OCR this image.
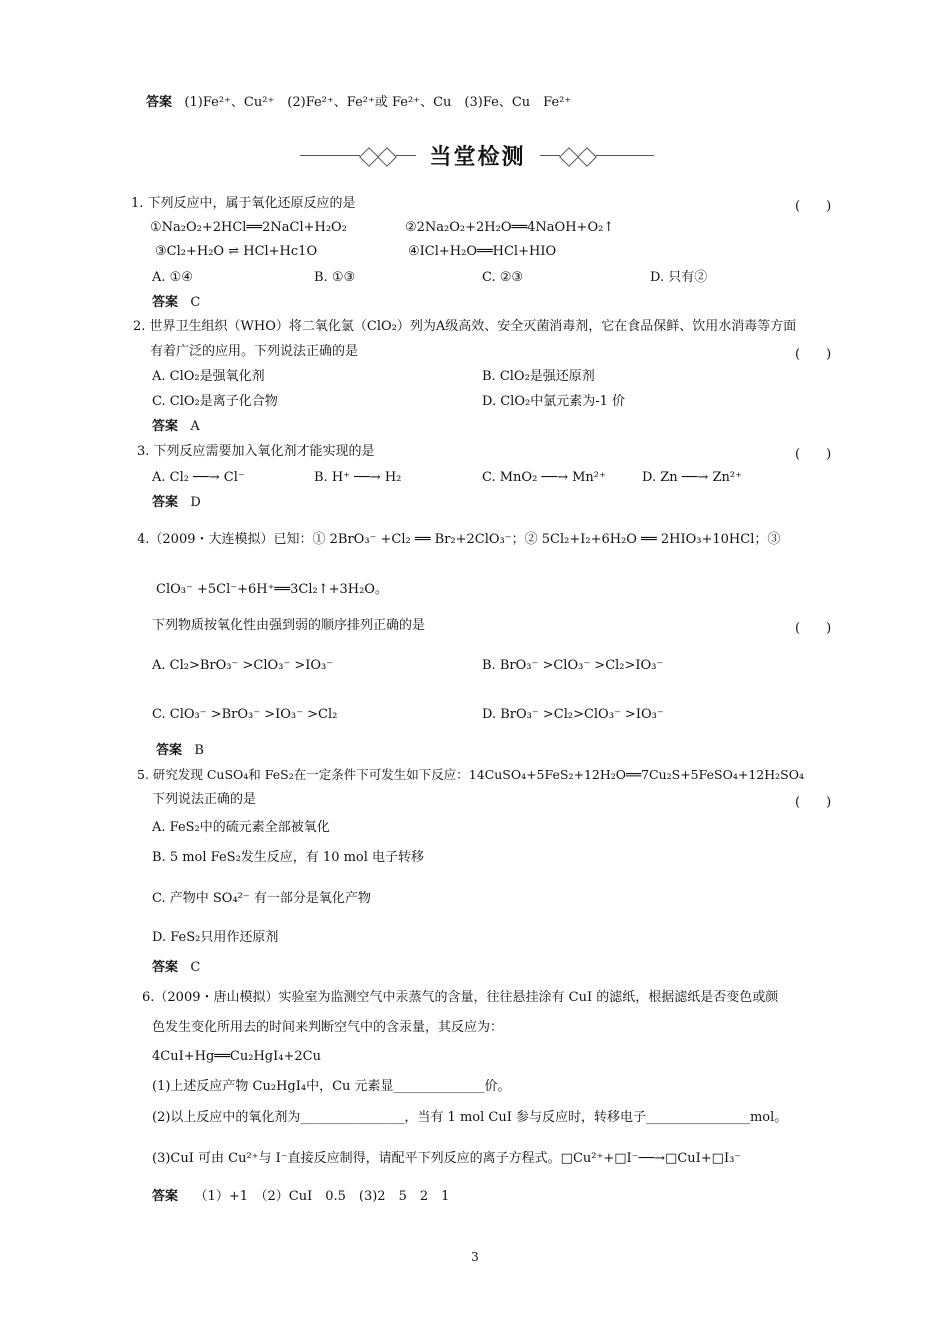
答案 (1)Fe²⁺、Cu²⁺　(2)Fe²⁺、Fe²⁺或 Fe²⁺、Cu　(3)Fe、Cu　Fe²⁺
当堂检测
1. 下列反应中，属于氧化还原反应的是	(　　)
①Na₂O₂+2HCl══2NaCl+H₂O₂	②2Na₂O₂+2H₂O══4NaOH+O₂↑
③Cl₂+H₂O ⇌ HCl+Hc1O	④ICl+H₂O══HCl+HIO
A. ①④	B. ①③	C. ②③	D. 只有②
答案 C
2. 世界卫生组织（WHO）将二氧化氯（ClO₂）列为A级高效、安全灭菌消毒剂，它在食品保鲜、饮用水消毒等方面
有着广泛的应用。下列说法正确的是	(　　)
A. ClO₂是强氧化剂	B. ClO₂是强还原剂
C. ClO₂是离子化合物	D. ClO₂中氯元素为-1 价
答案 A
3. 下列反应需要加入氧化剂才能实现的是	(　　)
A. Cl₂ ──→ Cl⁻	B. H⁺ ──→ H₂	C. MnO₂ ──→ Mn²⁺	D. Zn ──→ Zn²⁺
答案 D
4.（2009・大连模拟）已知：① 2BrO₃⁻ +Cl₂ ══ Br₂+2ClO₃⁻；② 5Cl₂+I₂+6H₂O ══ 2HIO₃+10HCl；③
ClO₃⁻ +5Cl⁻+6H⁺══3Cl₂↑+3H₂O。
下列物质按氧化性由强到弱的顺序排列正确的是	(　　)
A. Cl₂>BrO₃⁻ >ClO₃⁻ >IO₃⁻	B. BrO₃⁻ >ClO₃⁻ >Cl₂>IO₃⁻
C. ClO₃⁻ >BrO₃⁻ >IO₃⁻ >Cl₂	D. BrO₃⁻ >Cl₂>ClO₃⁻ >IO₃⁻
答案 B
5. 研究发现 CuSO₄和 FeS₂在一定条件下可发生如下反应：14CuSO₄+5FeS₂+12H₂O══7Cu₂S+5FeSO₄+12H₂SO₄
下列说法正确的是	(　　)
A. FeS₂中的硫元素全部被氧化
B. 5 mol FeS₂发生反应，有 10 mol 电子转移
C. 产物中 SO₄²⁻ 有一部分是氧化产物
D. FeS₂只用作还原剂
答案 C
6.（2009・唐山模拟）实验室为监测空气中汞蒸气的含量，往往悬挂涂有 CuI 的滤纸，根据滤纸是否变色或颜
色发生变化所用去的时间来判断空气中的含汞量，其反应为：
4CuI+Hg══Cu₂HgI₄+2Cu
(1)上述反应产物 Cu₂HgI₄中，Cu 元素显______________价。
(2)以上反应中的氧化剂为________________，当有 1 mol CuI 参与反应时，转移电子________________mol。
(3)CuI 可由 Cu²⁺与 I⁻直接反应制得，请配平下列反应的离子方程式。□Cu²⁺+□I⁻──→□CuI+□I₃⁻
答案 （1）+1　（2）CuI　0.5　(3)2　5　2　1
3
